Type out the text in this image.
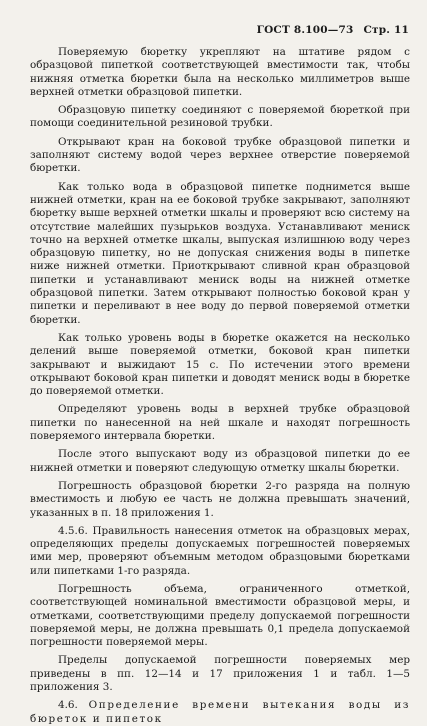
ГОСТ 8.100—73 Стр. 11

Поверяемую бюретку укрепляют на штативе рядом с образцовой пипеткой соответствующей вместимости так, чтобы нижняя отметка бюретки была на несколько миллиметров выше верхней отметки образцовой пипетки.

Образцовую пипетку соединяют с поверяемой бюреткой при помощи соединительной резиновой трубки.

Открывают кран на боковой трубке образцовой пипетки и заполняют систему водой через верхнее отверстие поверяемой бюретки.

Как только вода в образцовой пипетке поднимется выше нижней отметки, кран на ее боковой трубке закрывают, заполняют бюретку выше верхней отметки шкалы и проверяют всю систему на отсутствие малейших пузырьков воздуха. Устанавливают мениск точно на верхней отметке шкалы, выпуская излишнюю воду через образцовую пипетку, но не допуская снижения воды в пипетке ниже нижней отметки. Приоткрывают сливной кран образцовой пипетки и устанавливают мениск воды на нижней отметке образцовой пипетки. Затем открывают полностью боковой кран у пипетки и переливают в нее воду до первой поверяемой отметки бюретки.

Как только уровень воды в бюретке окажется на несколько делений выше поверяемой отметки, боковой кран пипетки закрывают и выжидают 15 с. По истечении этого времени открывают боковой кран пипетки и доводят мениск воды в бюретке до поверяемой отметки.

Определяют уровень воды в верхней трубке образцовой пипетки по нанесенной на ней шкале и находят погрешность поверяемого интервала бюретки.

После этого выпускают воду из образцовой пипетки до ее нижней отметки и поверяют следующую отметку шкалы бюретки.

Погрешность образцовой бюретки 2-го разряда на полную вместимость и любую ее часть не должна превышать значений, указанных в п. 18 приложения 1.

4.5.6. Правильность нанесения отметок на образцовых мерах, определяющих пределы допускаемых погрешностей поверяемых ими мер, проверяют объемным методом образцовыми бюретками или пипетками 1-го разряда.

Погрешность объема, ограниченного отметкой, соответствующей номинальной вместимости образцовой меры, и отметками, соответствующими пределу допускаемой погрешности поверяемой меры, не должна превышать 0,1 предела допускаемой погрешности поверяемой меры.

Пределы допускаемой погрешности поверяемых мер приведены в пп. 12—14 и 17 приложения 1 и табл. 1—5 приложения 3.

4.6. Определение времени вытекания воды из бюреток и пипеток
